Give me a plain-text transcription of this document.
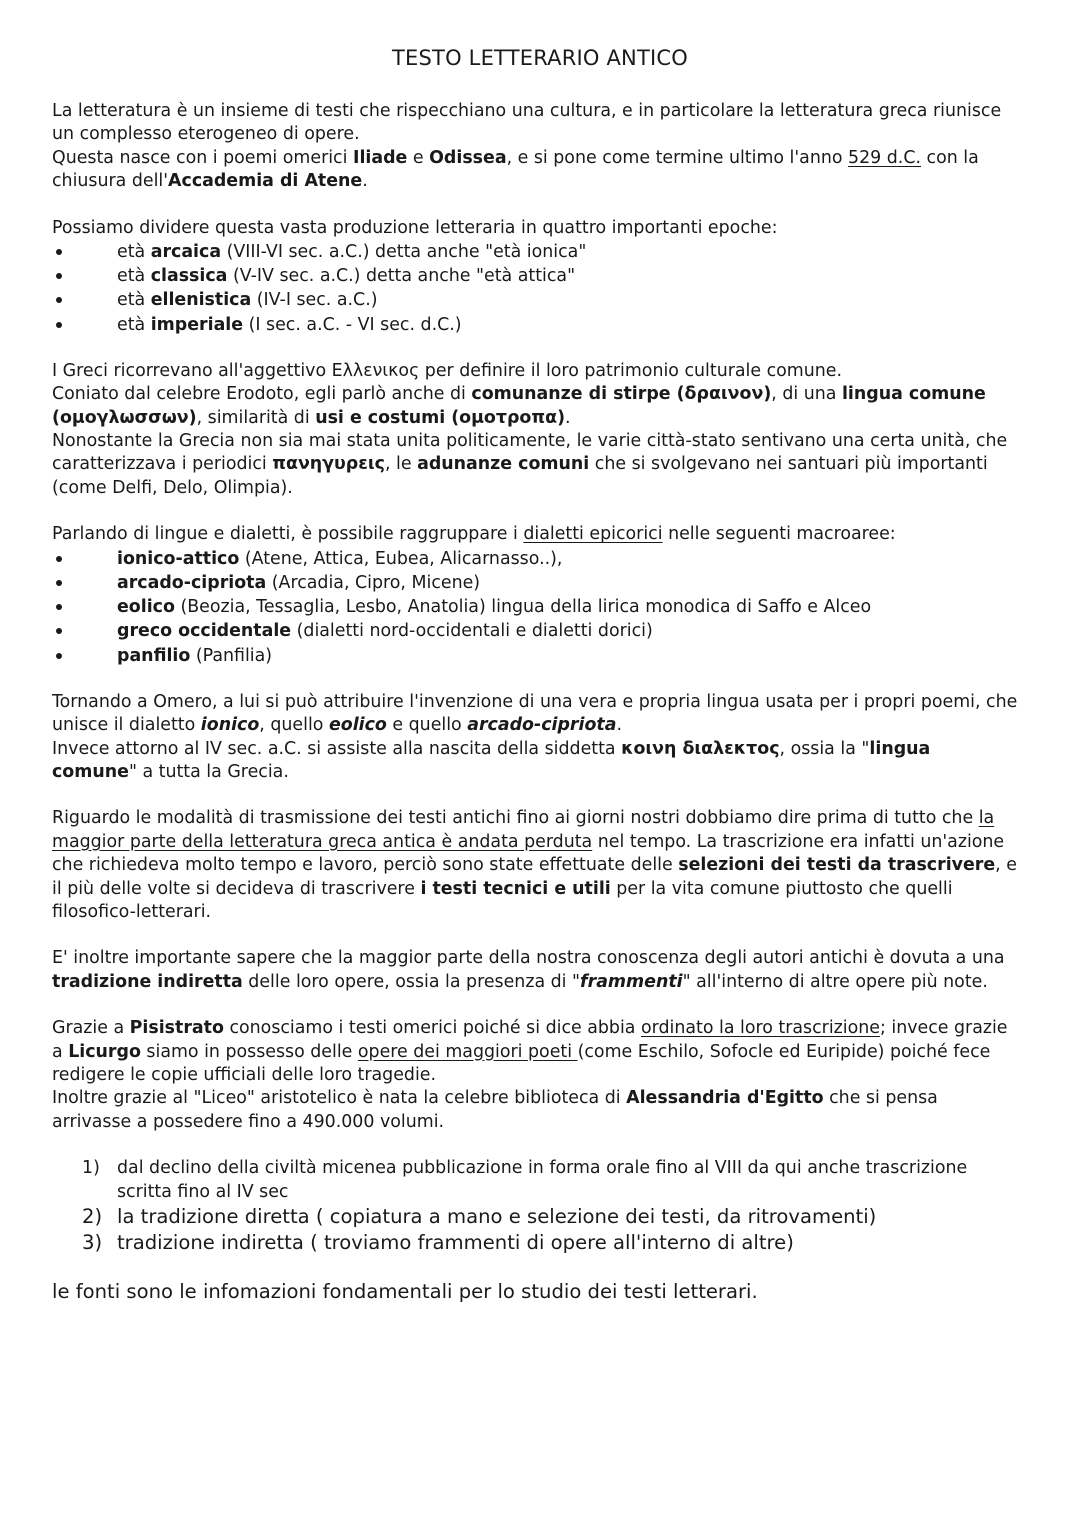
TESTO LETTERARIO ANTICO

La letteratura è un insieme di testi che rispecchiano una cultura, e in particolare la letteratura greca riunisce un complesso eterogeneo di opere.
Questa nasce con i poemi omerici Iliade e Odissea, e si pone come termine ultimo l'anno 529 d.C. con la chiusura dell'Accademia di Atene.

Possiamo dividere questa vasta produzione letteraria in quattro importanti epoche:

età arcaica (VIII-VI sec. a.C.) detta anche "età ionica"
età classica (V-IV sec. a.C.) detta anche "età attica"
età ellenistica (IV-I sec. a.C.)
età imperiale (I sec. a.C. - VI sec. d.C.)

I Greci ricorrevano all'aggettivo Ελλενικος per definire il loro patrimonio culturale comune.
Coniato dal celebre Erodoto, egli parlò anche di comunanze di stirpe (δραινον), di una lingua comune (ομογλωσσων), similarità di usi e costumi (ομοτροπα).
Nonostante la Grecia non sia mai stata unita politicamente, le varie città-stato sentivano una certa unità, che caratterizzava i periodici πανηγυρεις, le adunanze comuni che si svolgevano nei santuari più importanti (come Delfi, Delo, Olimpia).

Parlando di lingue e dialetti, è possibile raggruppare i dialetti epicorici nelle seguenti macroaree:

ionico-attico (Atene, Attica, Eubea, Alicarnasso..),
arcado-cipriota (Arcadia, Cipro, Micene)
eolico (Beozia, Tessaglia, Lesbo, Anatolia) lingua della lirica monodica di Saffo e Alceo
greco occidentale (dialetti nord-occidentali e dialetti dorici)
panfilio (Panfilia)

Tornando a Omero, a lui si può attribuire l'invenzione di una vera e propria lingua usata per i propri poemi, che unisce il dialetto ionico, quello eolico e quello arcado-cipriota.
Invece attorno al IV sec. a.C. si assiste alla nascita della siddetta κοινη διαλεκτος, ossia la "lingua comune" a tutta la Grecia.

Riguardo le modalità di trasmissione dei testi antichi fino ai giorni nostri dobbiamo dire prima di tutto che la maggior parte della letteratura greca antica è andata perduta nel tempo. La trascrizione era infatti un'azione che richiedeva molto tempo e lavoro, perciò sono state effettuate delle selezioni dei testi da trascrivere, e il più delle volte si decideva di trascrivere i testi tecnici e utili per la vita comune piuttosto che quelli filosofico-letterari.

E' inoltre importante sapere che la maggior parte della nostra conoscenza degli autori antichi è dovuta a una tradizione indiretta delle loro opere, ossia la presenza di "frammenti" all'interno di altre opere più note.

Grazie a Pisistrato conosciamo i testi omerici poiché si dice abbia ordinato la loro trascrizione; invece grazie a Licurgo siamo in possesso delle opere dei maggiori poeti (come Eschilo, Sofocle ed Euripide) poiché fece redigere le copie ufficiali delle loro tragedie.
Inoltre grazie al "Liceo" aristotelico è nata la celebre biblioteca di Alessandria d'Egitto che si pensa arrivasse a possedere fino a 490.000 volumi.

1) dal declino della civiltà micenea pubblicazione in forma orale fino al VIII da qui anche trascrizione scritta fino al IV sec
2) la tradizione diretta ( copiatura a mano e selezione dei testi, da ritrovamenti)
3) tradizione indiretta ( troviamo frammenti di opere all'interno di altre)

le fonti sono le infomazioni fondamentali per lo studio dei testi letterari.
